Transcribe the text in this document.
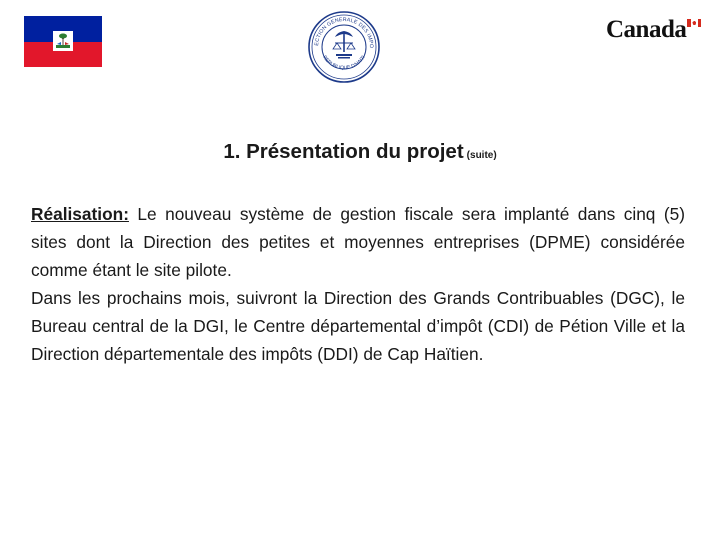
ECTION GENERALE DES IMPO
REPUBLIQUE D'HAITI
Canada
1. Présentation du projet (suite)

Réalisation: Le nouveau système de gestion fiscale sera implanté dans cinq (5) sites dont la Direction des petites et moyennes entreprises (DPME) considérée comme étant le site pilote.

Dans les prochains mois, suivront la Direction des Grands Contribuables (DGC), le Bureau central de la DGI, le Centre départemental d’impôt (CDI) de Pétion Ville et la Direction départementale des impôts (DDI) de Cap Haïtien.
